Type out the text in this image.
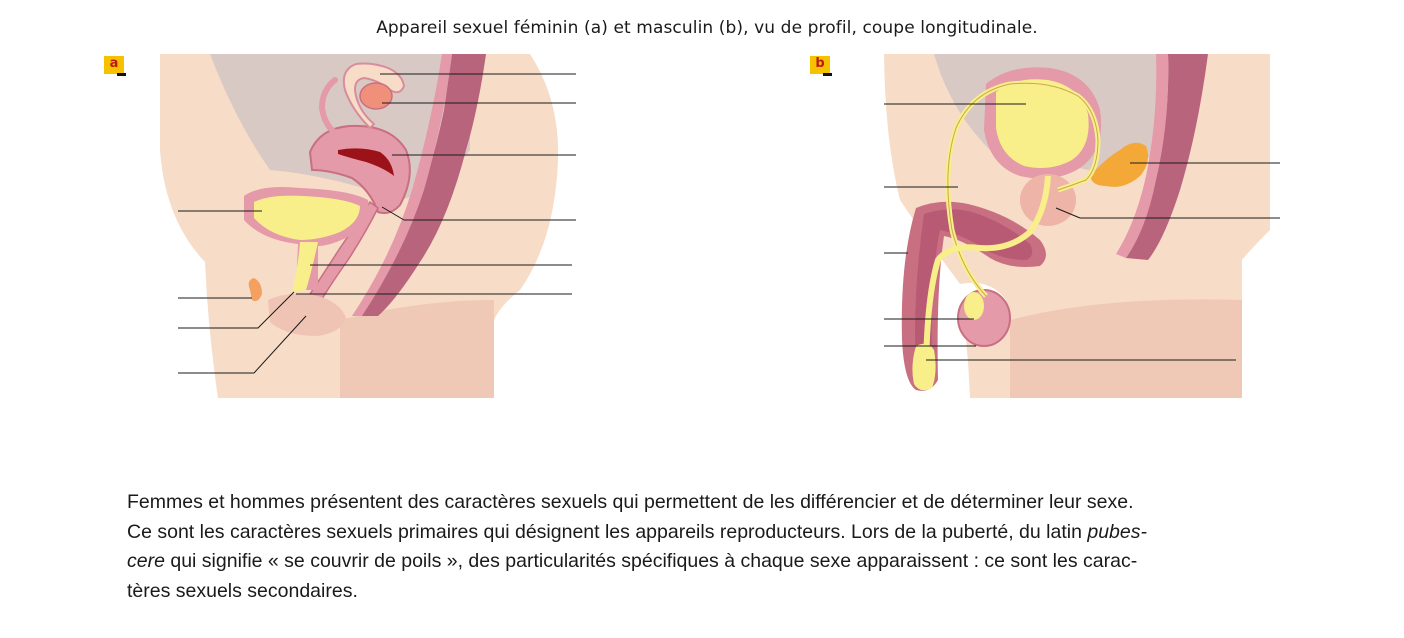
Appareil sexuel féminin (a) et masculin (b), vu de profil, coupe longitudinale.
a	b

Femmes et hommes présentent des caractères sexuels qui permettent de les différencier et de déterminer leur sexe.

Ce sont les caractères sexuels primaires qui désignent les appareils reproducteurs. Lors de la puberté, du latin pubes-

cere qui signifie « se couvrir de poils », des particularités spécifiques à chaque sexe apparaissent : ce sont les carac-

tères sexuels secondaires.
